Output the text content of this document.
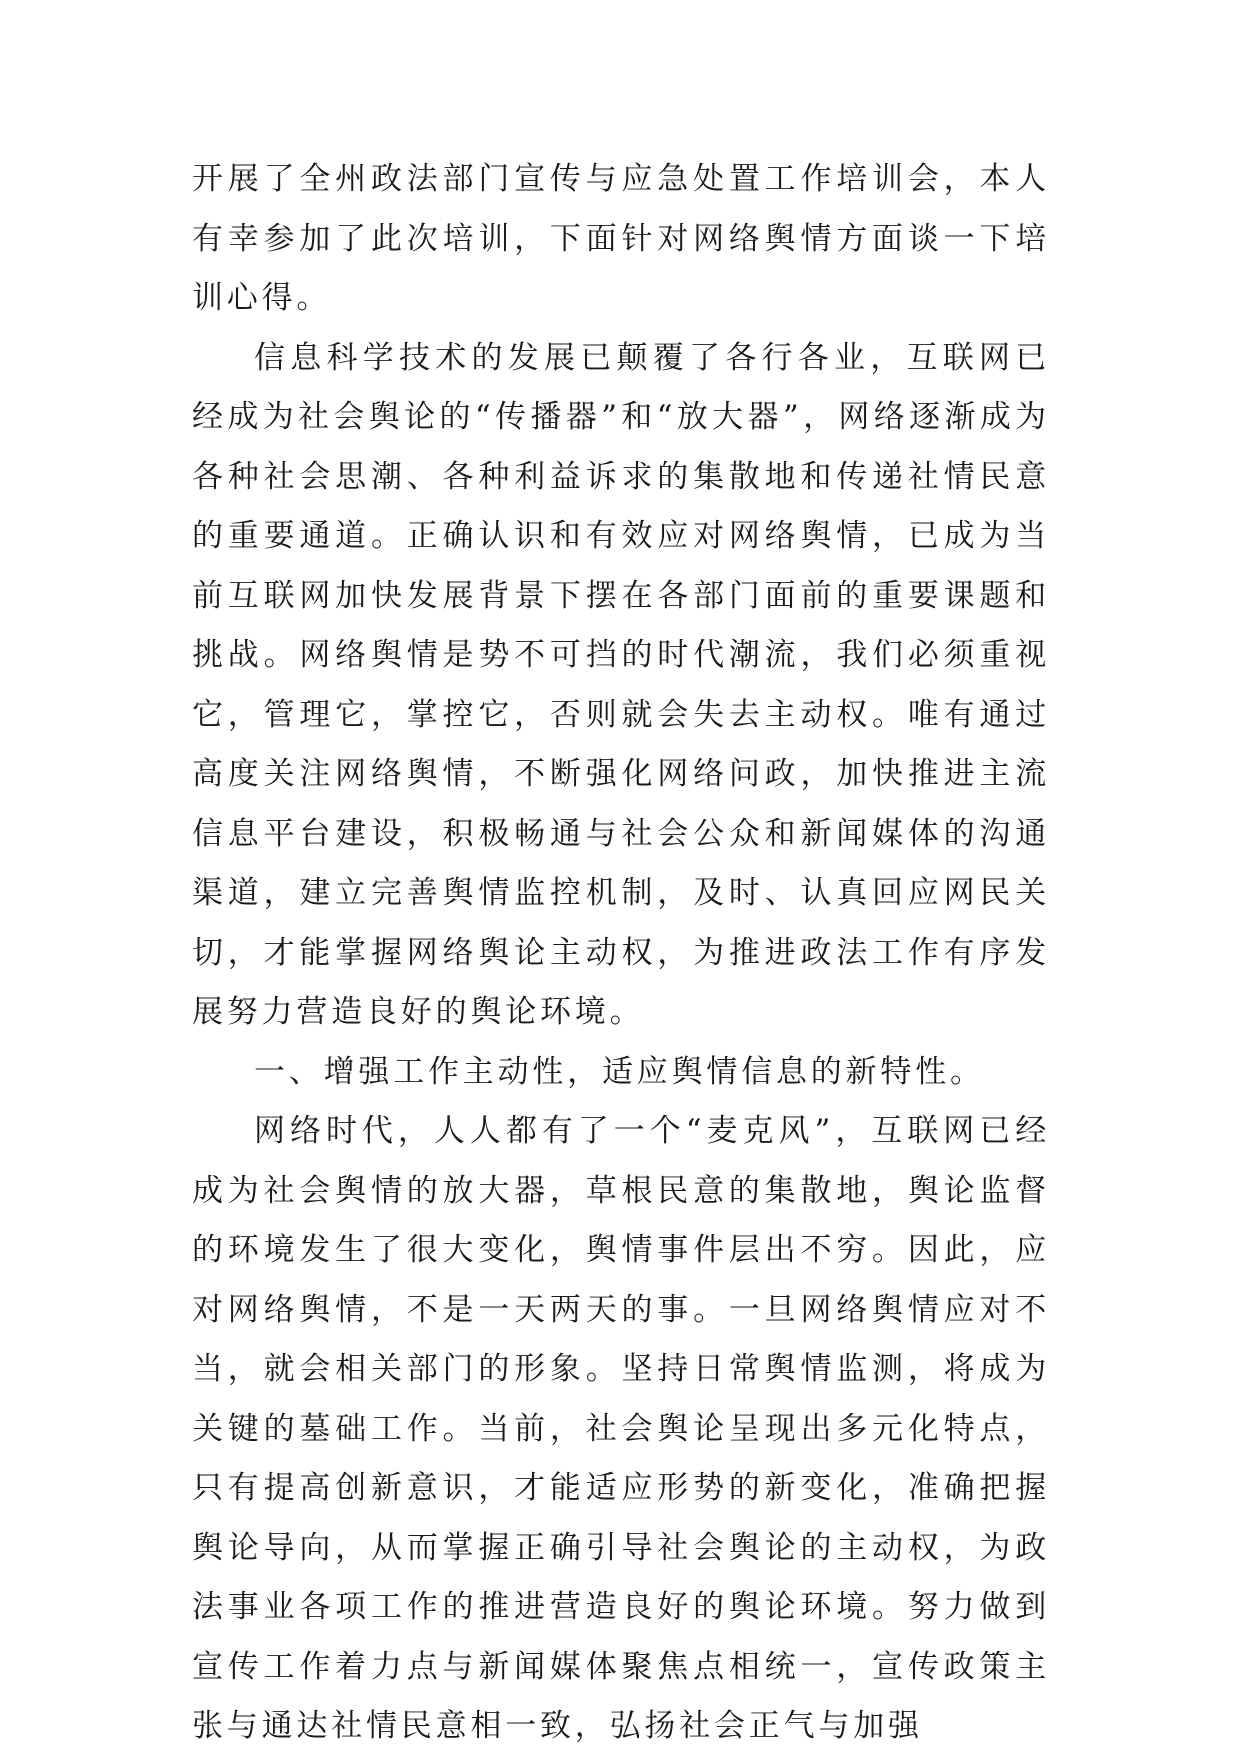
开展了全州政法部门宣传与应急处置工作培训会，本人有幸参加了此次培训，下面针对网络舆情方面谈一下培训心得。

信息科学技术的发展已颠覆了各行各业，互联网已经成为社会舆论的“传播器”和“放大器”，网络逐渐成为各种社会思潮、各种利益诉求的集散地和传递社情民意的重要通道。正确认识和有效应对网络舆情，已成为当前互联网加快发展背景下摆在各部门面前的重要课题和挑战。网络舆情是势不可挡的时代潮流，我们必须重视它，管理它，掌控它，否则就会失去主动权。唯有通过高度关注网络舆情，不断强化网络问政，加快推进主流信息平台建设，积极畅通与社会公众和新闻媒体的沟通渠道，建立完善舆情监控机制，及时、认真回应网民关切，才能掌握网络舆论主动权，为推进政法工作有序发展努力营造良好的舆论环境。

一、增强工作主动性，适应舆情信息的新特性。

网络时代，人人都有了一个“麦克风”，互联网已经成为社会舆情的放大器，草根民意的集散地，舆论监督的环境发生了很大变化，舆情事件层出不穷。因此，应对网络舆情，不是一天两天的事。一旦网络舆情应对不当，就会相关部门的形象。坚持日常舆情监测，将成为关键的墓础工作。当前，社会舆论呈现出多元化特点，只有提高创新意识，才能适应形势的新变化，准确把握舆论导向，从而掌握正确引导社会舆论的主动权，为政法事业各项工作的推进营造良好的舆论环境。努力做到宣传工作着力点与新闻媒体聚焦点相统一，宣传政策主张与通达社情民意相一致，弘扬社会正气与加强
